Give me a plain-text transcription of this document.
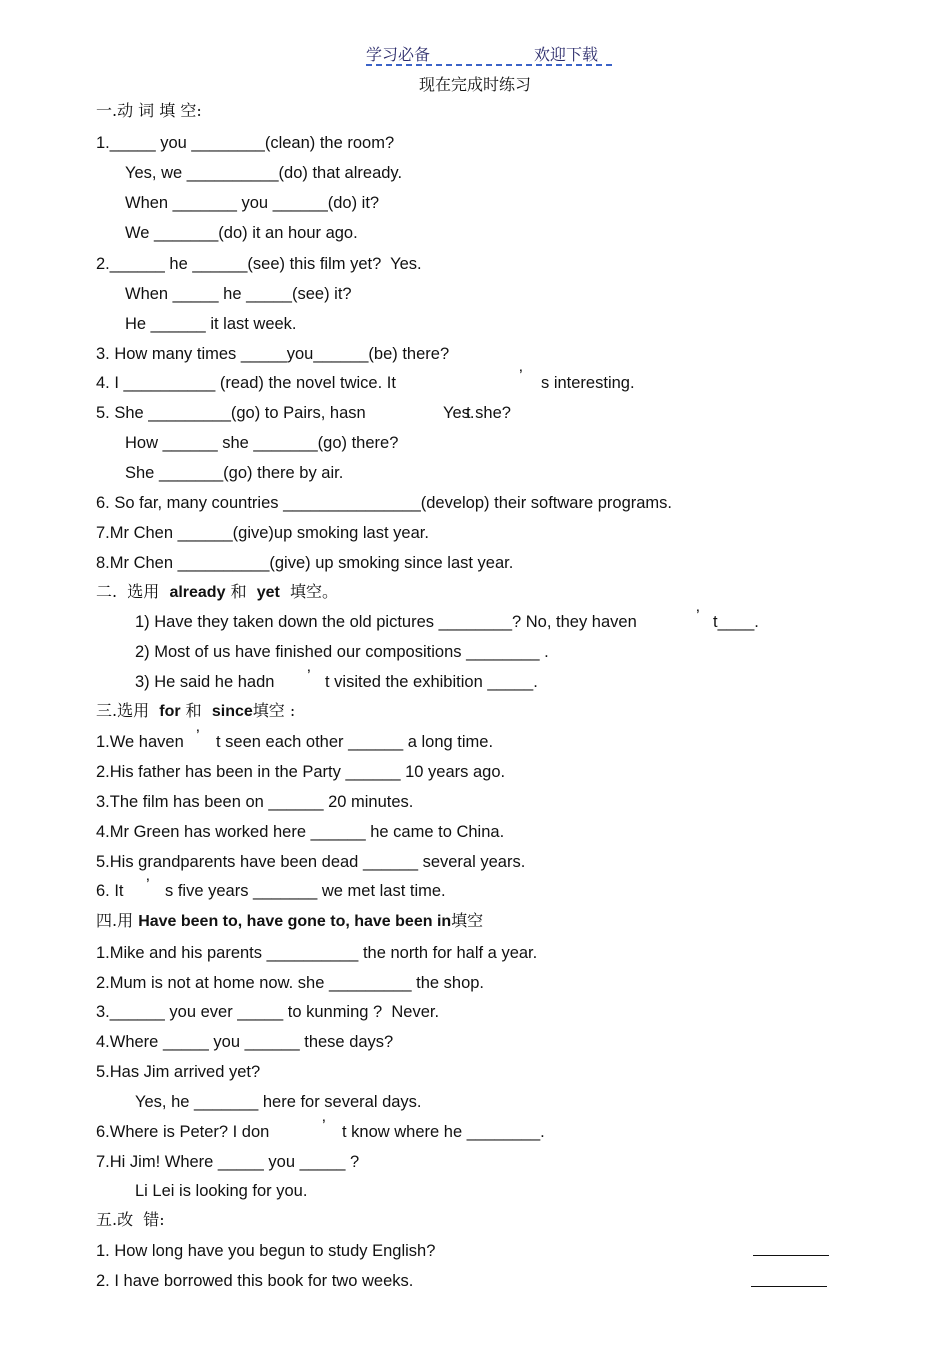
学习必备	欢迎下载
现在完成时练习
一.动 词 填 空:
1._____ you ________(clean) the room?
Yes, we __________(do) that already.
When _______ you ______(do) it?
We _______(do) it an hour ago.
2.______ he ______(see) this film yet?  Yes.
When _____ he _____(see) it?
He ______ it last week.
3. How many times _____you______(be) there?
4. I __________ (read) the novel twice. It	’ s interesting.
5. She _________(go) to Pairs, hasn	Yes.
t she?
How ______ she _______(go) there?
She _______(go) there by air.
6. So far, many countries _______________(develop) their software programs.
7.Mr Chen ______(give)up smoking last year.
8.Mr Chen __________(give) up smoking since last year.
二.  选用  already 和  yet  填空。
1) Have they taken down the old pictures ________? No, they haven	’ t____.
2) Most of us have finished our compositions ________ .
3) He said he hadn ’ t visited the exhibition _____.
三.选用  for 和  since填空 :
1.We haven ’ t seen each other ______ a long time.
2.His father has been in the Party ______ 10 years ago.
3.The film has been on ______ 20 minutes.
4.Mr Green has worked here ______ he came to China.
5.His grandparents have been dead ______ several years.
6. It ’ s five years _______ we met last time.
四.用 Have been to, have gone to, have been in填空
1.Mike and his parents __________ the north for half a year.
2.Mum is not at home now. she _________ the shop.
3.______ you ever _____ to kunming ?  Never.
4.Where _____ you ______ these days?
5.Has Jim arrived yet?
Yes, he _______ here for several days.
6.Where is Peter? I don	’ t know where he ________.
7.Hi Jim! Where _____ you _____ ?
Li Lei is looking for you.
五.改  错:
1. How long have you begun to study English?
2. I have borrowed this book for two weeks.
